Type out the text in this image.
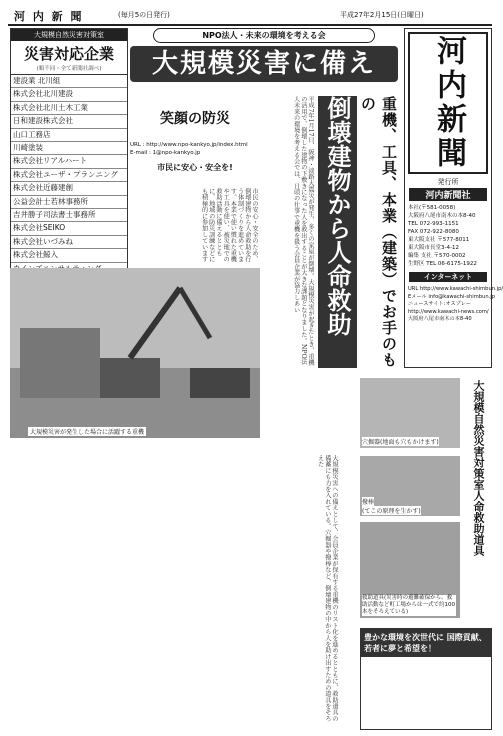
河 内 新 聞	(毎月5の日発行)	平成27年2月15日(日曜日)
大規模自然災害対策室
災害対応企業
(順不同・全て新聞社調べ)
建設業 北川組
株式会社北川建設
株式会社北川土木工業
日和建設株式会社
山口工務店
川崎塗装
株式会社リアルハート
株式会社ユーザ・プランニング
株式会社近藤建創
公益会計士若林事務所
吉井勝子司法書士事務所
株式会社SEIKO
株式会社いづみね
株式会社鯨入
NPO法人・未来の環境を考える会
大規模災害に備え	河内新聞
発行所
河内新聞社
本社(〒581-0058)
大阪府八尾市南木の本8-40
TEL 072-993-1151
FAX 072-922-8080
東大阪支社 〒577-8011
東大阪市長堂3-4-12
編集 支社 〒570-0002
生野区 TEL 06-6175-1922
インターネット
URL http://www.kawachi-shimbun.jp/
Eメール info@kawachi-shimbun.jp
ニュースサイト:オスプレー
http://www.kawachi-news.com/
大阪府八尾市南木の本8-40
笑顔の防災
URL : http://www.npo-kankyo.jp/index.html
E-mail : 1@npo-kankyo.jp
市民に安心・安全を!	重機、工具、本業（建築）でお手のもの
倒壊建物から人命救助
平成7年1月17日、阪神・淡路大震災が発生、多くの家屋が倒壊。大規模災害が起きたとき、重機の活用で、倒壊した建物の下敷きになった人を救出することが大きな課題となりました。NPO法人未来の環境を考える会では、日頃の仕事で重機を扱う会員企業が協力しあい
市民の安心・安全のため、倒壊建物から人命救助を行う体制づくりを進めています。本業で使い慣れた重機や工具を使い、被災地での救助活動に備えるとともに、地域の防災訓練などにも積極的に参加しています
大規模災害への備えとして、会員企業が保有する重機のリスト化を進めるとともに、救助道具の備蓄にも力を入れている。穴掘器や撥棒など、倒壊建物の中から人を助け出すための道具をそろえた
大規模災害が発生した場合に活躍する重機
穴掘器(地面も穴もかけます)
撥棒
(てこの原理を生かす)
救助道具(災害時の避難確保から、救助活動など町工場からは一式で約100本をそろえている)
大規模自然災害対策室人命救助道具
豊かな環境を次世代に 国際貢献、若者に夢と希望を！
